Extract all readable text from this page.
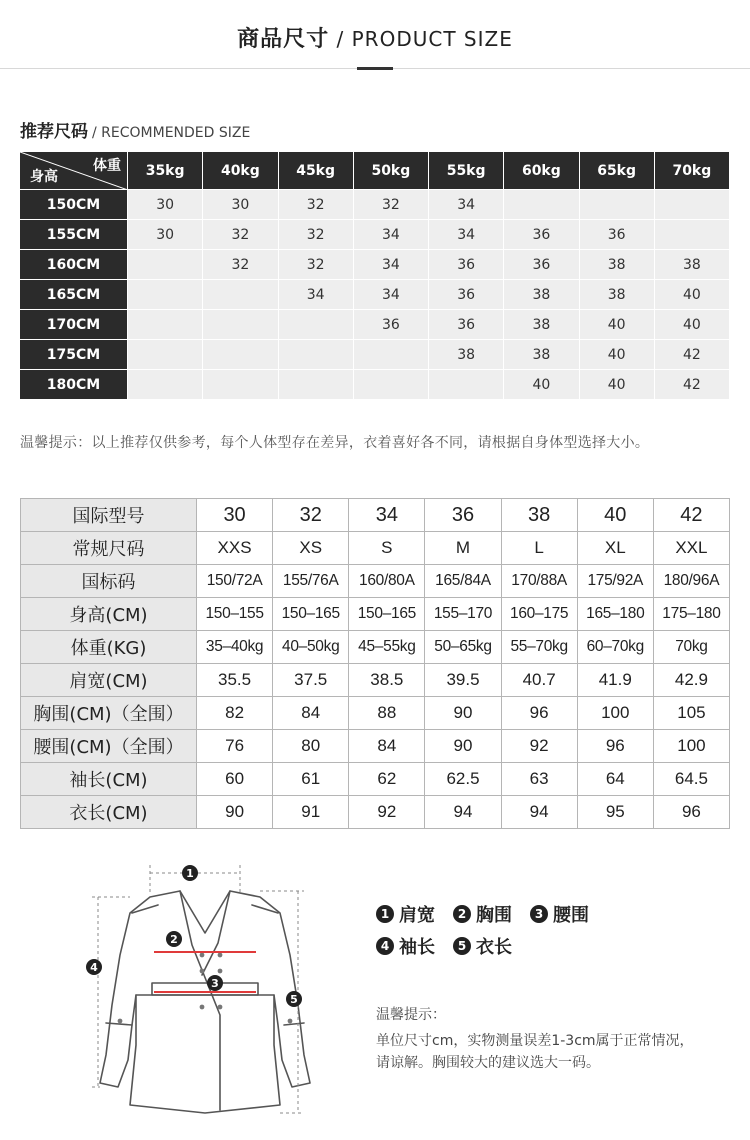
商品尺寸 / PRODUCT SIZE
推荐尺码 / RECOMMENDED SIZE
体重
身高	35kg	40kg	45kg	50kg	55kg	60kg	65kg	70kg
150CM	30	30	32	32	34			
155CM	30	32	32	34	34	36	36	
160CM		32	32	34	36	36	38	38
165CM			34	34	36	38	38	40
170CM				36	36	38	40	40
175CM					38	38	40	42
180CM						40	40	42
温馨提示：以上推荐仅供参考，每个人体型存在差异，衣着喜好各不同，请根据自身体型选择大小。
国际型号	30	32	34	36	38	40	42
常规尺码	XXS	XS	S	M	L	XL	XXL
国标码	150/72A	155/76A	160/80A	165/84A	170/88A	175/92A	180/96A
身高(CM)	150–155	150–165	150–165	155–170	160–175	165–180	175–180
体重(KG)	35–40kg	40–50kg	45–55kg	50–65kg	55–70kg	60–70kg	70kg
肩宽(CM)	35.5	37.5	38.5	39.5	40.7	41.9	42.9
胸围(CM)（全围）	82	84	88	90	96	100	105
腰围(CM)（全围）	76	80	84	90	92	96	100
袖长(CM)	60	61	62	62.5	63	64	64.5
衣长(CM)	90	91	92	94	94	95	96
1
2
3
4
5
1 肩宽	2 胸围	3 腰围
4 袖长	5 衣长
温馨提示：
单位尺寸cm，实物测量误差1-3cm属于正常情况，请谅解。胸围较大的建议选大一码。
